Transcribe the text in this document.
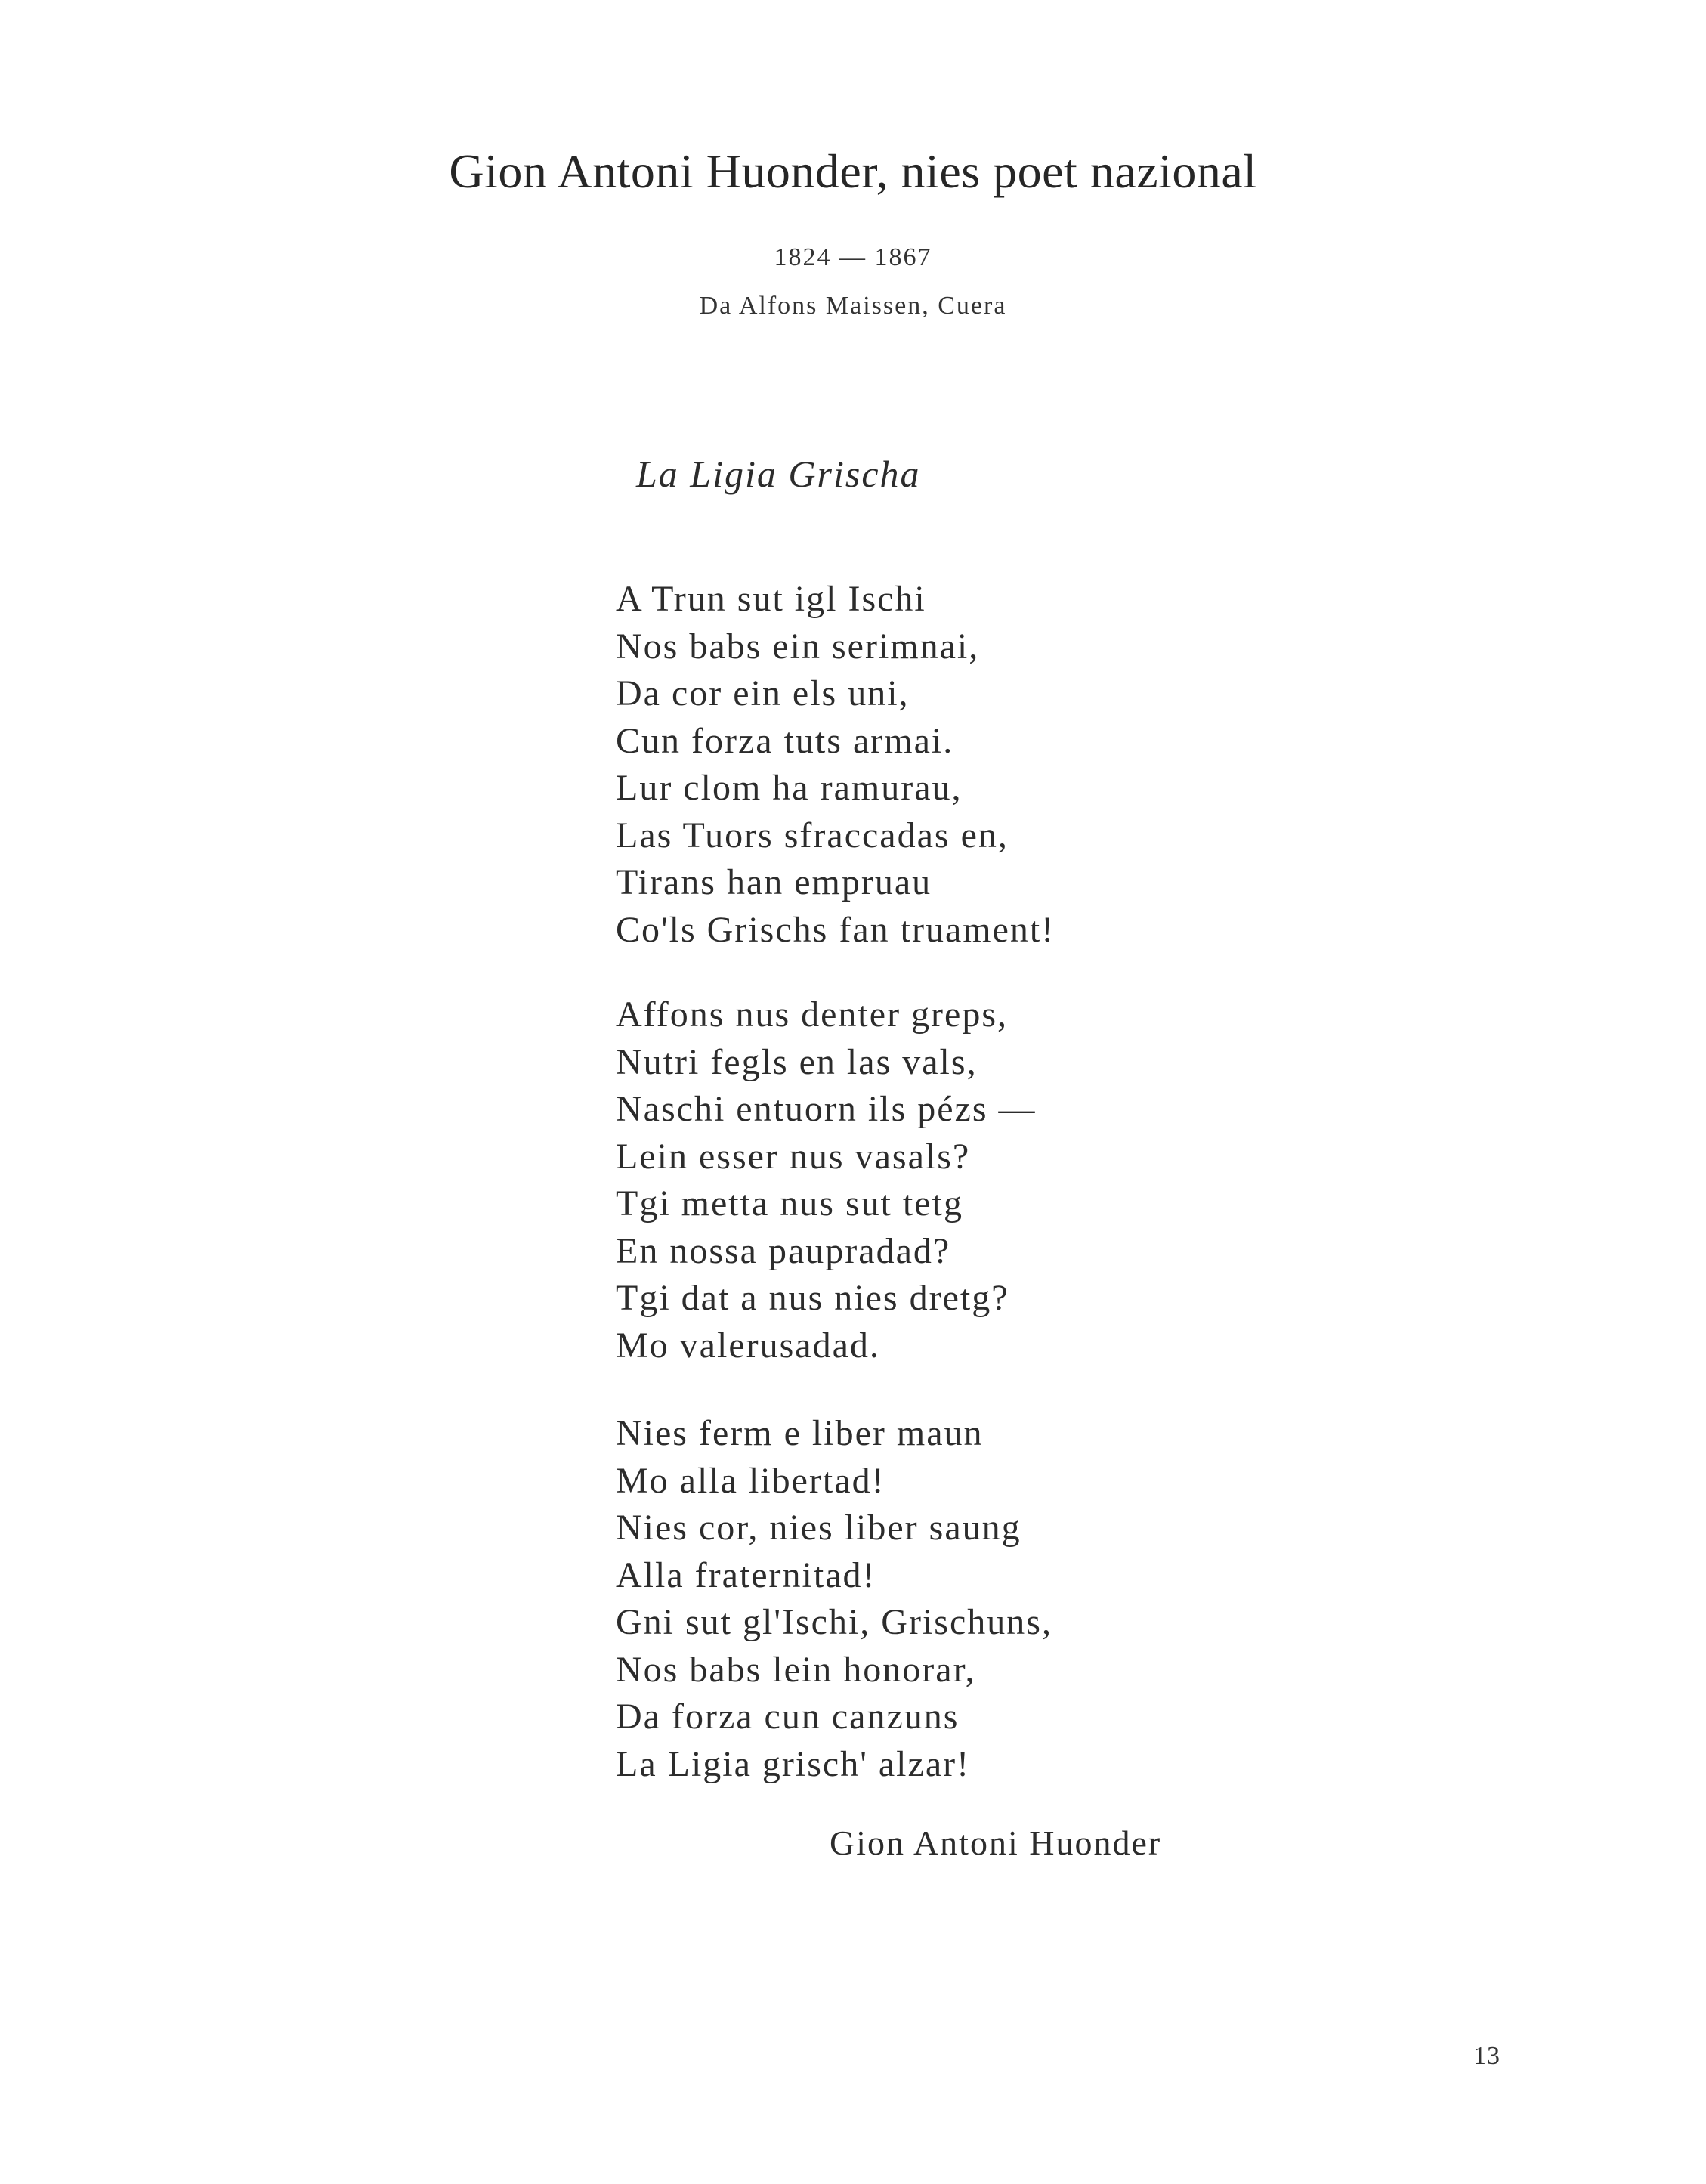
Gion Antoni Huonder, nies poet nazional
1824 — 1867
Da Alfons Maissen, Cuera
La Ligia Grischa
A Trun sut igl Ischi
Nos babs ein serimnai,
Da cor ein els uni,
Cun forza tuts armai.
Lur clom ha ramurau,
Las Tuors sfraccadas en,
Tirans han empruau
Co'ls Grischs fan truament!
Affons nus denter greps,
Nutri fegls en las vals,
Naschi entuorn ils pézs —
Lein esser nus vasals?
Tgi metta nus sut tetg
En nossa paupradad?
Tgi dat a nus nies dretg?
Mo valerusadad.
Nies ferm e liber maun
Mo alla libertad!
Nies cor, nies liber saung
Alla fraternitad!
Gni sut gl'Ischi, Grischuns,
Nos babs lein honorar,
Da forza cun canzuns
La Ligia grisch' alzar!
Gion Antoni Huonder
13
